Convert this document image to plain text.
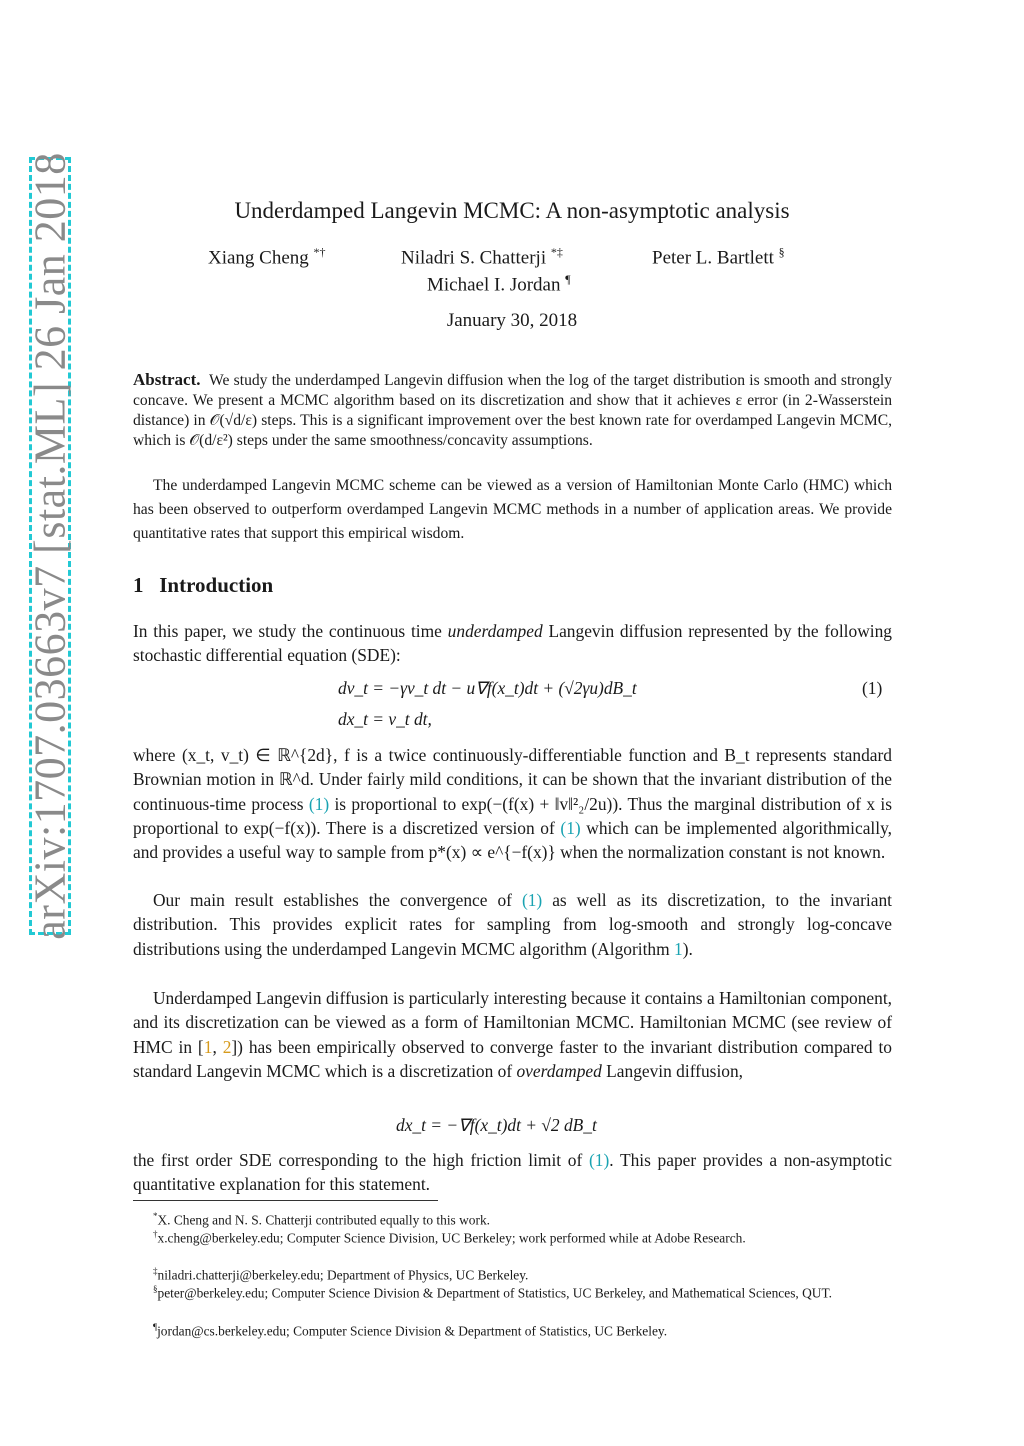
arXiv:1707.03663v7 [stat.ML] 26 Jan 2018	Underdamped Langevin MCMC: A non-asymptotic analysis
Xiang Cheng *†	Niladri S. Chatterji *‡	Peter L. Bartlett §
Michael I. Jordan ¶
January 30, 2018
Abstract. We study the underdamped Langevin diffusion when the log of the target distribution is smooth and strongly concave. We present a MCMC algorithm based on its discretization and show that it achieves ε error (in 2-Wasserstein distance) in 𝒪(√d/ε) steps. This is a significant improvement over the best known rate for overdamped Langevin MCMC, which is 𝒪(d/ε²) steps under the same smoothness/concavity assumptions.
The underdamped Langevin MCMC scheme can be viewed as a version of Hamiltonian Monte Carlo (HMC) which has been observed to outperform overdamped Langevin MCMC methods in a number of application areas. We provide quantitative rates that support this empirical wisdom.
1 Introduction
In this paper, we study the continuous time underdamped Langevin diffusion represented by the following stochastic differential equation (SDE):
dv_t = −γv_t dt − u∇f(x_t)dt + (√2γu)dB_t
dx_t = v_t dt,
(1)
where (x_t, v_t) ∈ ℝ^{2d}, f is a twice continuously-differentiable function and B_t represents standard Brownian motion in ℝ^d. Under fairly mild conditions, it can be shown that the invariant distribution of the continuous-time process (1) is proportional to exp(−(f(x) + ‖v‖²₂/2u)). Thus the marginal distribution of x is proportional to exp(−f(x)). There is a discretized version of (1) which can be implemented algorithmically, and provides a useful way to sample from p*(x) ∝ e^{−f(x)} when the normalization constant is not known.
Our main result establishes the convergence of (1) as well as its discretization, to the invariant distribution. This provides explicit rates for sampling from log-smooth and strongly log-concave distributions using the underdamped Langevin MCMC algorithm (Algorithm 1).
Underdamped Langevin diffusion is particularly interesting because it contains a Hamiltonian component, and its discretization can be viewed as a form of Hamiltonian MCMC. Hamiltonian MCMC (see review of HMC in [1, 2]) has been empirically observed to converge faster to the invariant distribution compared to standard Langevin MCMC which is a discretization of overdamped Langevin diffusion,
dx_t = −∇f(x_t)dt + √2 dB_t
the first order SDE corresponding to the high friction limit of (1). This paper provides a non-asymptotic quantitative explanation for this statement.
*X. Cheng and N. S. Chatterji contributed equally to this work.
†x.cheng@berkeley.edu; Computer Science Division, UC Berkeley; work performed while at Adobe Research.
‡niladri.chatterji@berkeley.edu; Department of Physics, UC Berkeley.
§peter@berkeley.edu; Computer Science Division & Department of Statistics, UC Berkeley, and Mathematical Sciences, QUT.
¶jordan@cs.berkeley.edu; Computer Science Division & Department of Statistics, UC Berkeley.
